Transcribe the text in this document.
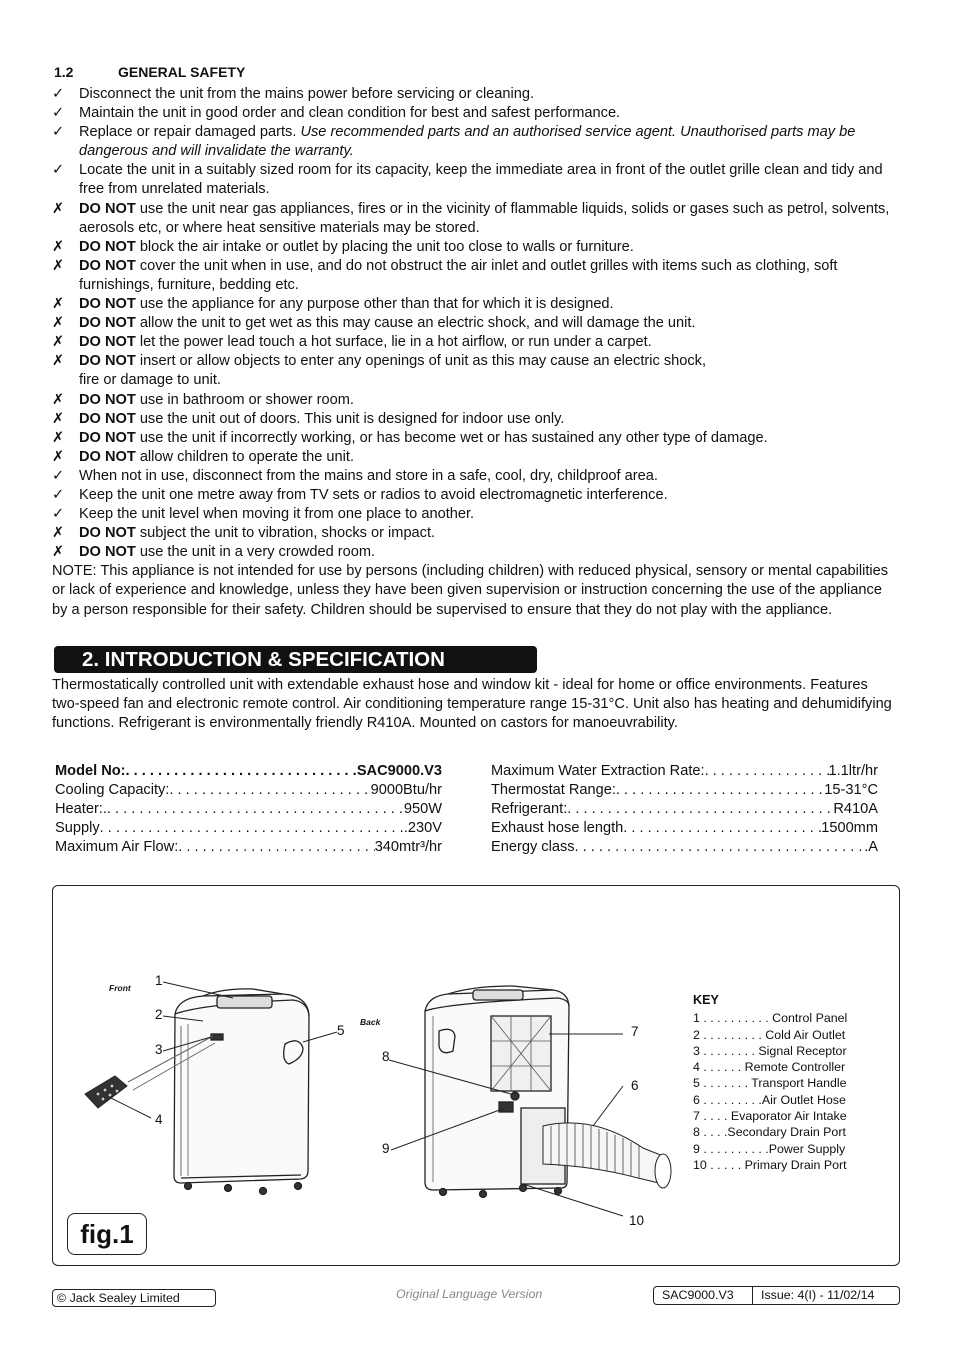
1.2	GENERAL SAFETY
✓	Disconnect the unit from the mains power before servicing or cleaning.
✓	Maintain the unit in good order and clean condition for best and safest performance.
✓	Replace or repair damaged parts. Use recommended parts and an authorised service agent. Unauthorised parts may be dangerous and will invalidate the warranty.
✓	Locate the unit in a suitably sized room for its capacity, keep the immediate area in front of the outlet grille clean and tidy and free from unrelated materials.
✗	DO NOT use the unit near gas appliances, fires or in the vicinity of flammable liquids, solids or gases such as petrol, solvents, aerosols etc, or where heat sensitive materials may be stored.
✗	DO NOT block the air intake or outlet by placing the unit too close to walls or furniture.
✗	DO NOT cover the unit when in use, and do not obstruct the air inlet and outlet grilles with items such as clothing, soft furnishings, furniture, bedding etc.
✗	DO NOT use the appliance for any purpose other than that for which it is designed.
✗	DO NOT allow the unit to get wet as this may cause an electric shock, and will damage the unit.
✗	DO NOT let the power lead touch a hot surface, lie in a hot airflow, or run under a carpet.
✗	DO NOT insert or allow objects to enter any openings of unit as this may cause an electric shock,
fire or damage to unit.
✗	DO NOT use in bathroom or shower room.
✗	DO NOT use the unit out of doors. This unit is designed for indoor use only.
✗	DO NOT use the unit if incorrectly working, or has become wet or has sustained any other type of damage.
✗	DO NOT allow children to operate the unit.
✓	When not in use, disconnect from the mains and store in a safe, cool, dry, childproof area.
✓	Keep the unit one metre away from TV sets or radios to avoid electromagnetic interference.
✓	Keep the unit level when moving it from one place to another.
✗	DO NOT subject the unit to vibration, shocks or impact.
✗	DO NOT use the unit in a very crowded room.
NOTE: This appliance is not intended for use by persons (including children) with reduced physical, sensory or mental capabilities or lack of experience and knowledge, unless they have been given supervision or instruction concerning the use of the appliance by a person responsible for their safety. Children should be supervised to ensure that they do not play with the appliance.
2. INTRODUCTION & SPECIFICATION
Thermostatically controlled unit with extendable exhaust hose and window kit - ideal for home or office environments. Features two-speed fan and electronic remote control. Air conditioning temperature range 15-31°C. Unit also has heating and dehumidifying functions. Refrigerant is environmentally friendly R410A. Mounted on castors for manoeuvrability.
Model No: . . .	SAC9000.V3
Cooling Capacity: . . .	9000Btu/hr
Heater:. . . .	950W
Supply . . .	.230V
Maximum Air Flow: . . .	340mtr³/hr
Maximum Water Extraction Rate: . . .	1.1ltr/hr
Thermostat Range: . . .	15-31°C
Refrigerant: . . .	R410A
Exhaust hose length . . .	1500mm
Energy class . . .	.A
Front
Back
1
2
3
4
5
6
7
8
9
10
KEY
1 . . . . . . . . . . Control Panel
2 . . . . . . . . . Cold Air Outlet
3 . . . . . . . . Signal Receptor
4 . . . . . . Remote Controller
5 . . . . . . . Transport Handle
6 . . . . . . . . .Air Outlet Hose
7 . . . . Evaporator Air Intake
8 . . . .Secondary Drain Port
9 . . . . . . . . . .Power Supply
10 . . . . . Primary Drain Port
fig.1
© Jack Sealey Limited	Original Language Version	SAC9000.V3	Issue: 4(I) - 11/02/14
